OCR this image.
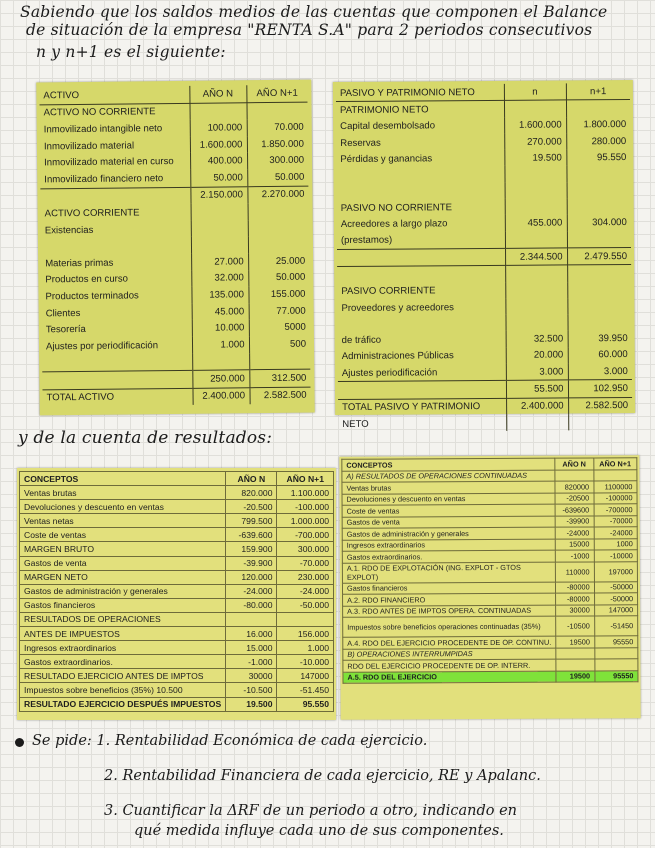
Sabiendo que los saldos medios de las cuentas que componen el Balance
de situación de la empresa "RENTA S.A" para 2 periodos consecutivos
n y n+1 es el siguiente:
ACTIVO	AÑO N	AÑO N+1
ACTIVO NO CORRIENTE		
Inmovilizado intangible neto	100.000	70.000
Inmovilizado material	1.600.000	1.850.000
Inmovilizado material en curso	400.000	300.000
Inmovilizado financiero neto	50.000	50.000
	2.150.000	2.270.000
ACTIVO CORRIENTE		
Existencias		

Materias primas	27.000	25.000
Productos en curso	32.000	50.000
Productos terminados	135.000	155.000
Clientes	45.000	77.000
Tesorería	10.000	5000
Ajustes por periodificación	1.000	500

	250.000	312.500
TOTAL ACTIVO	2.400.000	2.582.500
PASIVO Y PATRIMONIO NETO	n	n+1
PATRIMONIO NETO		
Capital desembolsado	1.600.000	1.800.000
Reservas	270.000	280.000
Pérdidas y ganancias	19.500	95.550

PASIVO NO CORRIENTE		
Acreedores a largo plazo	455.000	304.000
(prestamos)		
	2.344.500	2.479.550

PASIVO CORRIENTE		
Proveedores y acreedores		

de tráfico	32.500	39.950
Administraciones Públicas	20.000	60.000
Ajustes periodificación	3.000	3.000
	55.500	102.950
TOTAL PASIVO Y PATRIMONIO	2.400.000	2.582.500
NETO		
y de la cuenta de resultados:
CONCEPTOS	AÑO N	AÑO N+1
Ventas brutas	820.000	1.100.000
Devoluciones y descuento en ventas	-20.500	-100.000
Ventas netas	799.500	1.000.000
Coste de ventas	-639.600	-700.000
MARGEN BRUTO	159.900	300.000
Gastos de venta	-39.900	-70.000
MARGEN NETO	120.000	230.000
Gastos de administración y generales	-24.000	-24.000
Gastos financieros	-80.000	-50.000
RESULTADOS DE OPERACIONES		
ANTES DE IMPUESTOS	16.000	156.000
Ingresos extraordinarios	15.000	1.000
Gastos extraordinarios.	-1.000	-10.000
RESULTADO EJERCICIO ANTES DE IMPTOS	30000	147000
Impuestos sobre beneficios (35%) 10.500	-10.500	-51.450
RESULTADO EJERCICIO DESPUÉS IMPUESTOS	19.500	95.550
CONCEPTOS	AÑO N	AÑO N+1
A) RESULTADOS DE OPERACIONES CONTINUADAS		
Ventas brutas	820000	1100000
Devoluciones y descuento en ventas	-20500	-100000
Coste de ventas	-639600	-700000
Gastos de venta	-39900	-70000
Gastos de administración y generales	-24000	-24000
Ingresos extraordinarios	15000	1000
Gastos extraordinarios.	-1000	-10000
A.1. RDO DE EXPLOTACIÓN (ING. EXPLOT - GTOS EXPLOT)	110000	197000
Gastos financieros	-80000	-50000
A.2. RDO FINANCIERO	-80000	-50000
A.3. RDO ANTES DE IMPTOS OPERA. CONTINUADAS	30000	147000
Impuestos sobre beneficios operaciones continuadas (35%)	-10500	-51450
A.4. RDO DEL EJERCICIO PROCEDENTE DE OP. CONTINU.	19500	95550
B) OPERACIONES INTERRUMPIDAS		
RDO DEL EJERCICIO PROCEDENTE DE OP. INTERR.		
A.5. RDO DEL EJERCICIO	19500	95550
Se pide: 1. Rentabilidad Económica de cada ejercicio.
2. Rentabilidad Financiera de cada ejercicio, RE y Apalanc.
3. Cuantificar la ΔRF de un periodo a otro, indicando en
qué medida influye cada uno de sus componentes.
